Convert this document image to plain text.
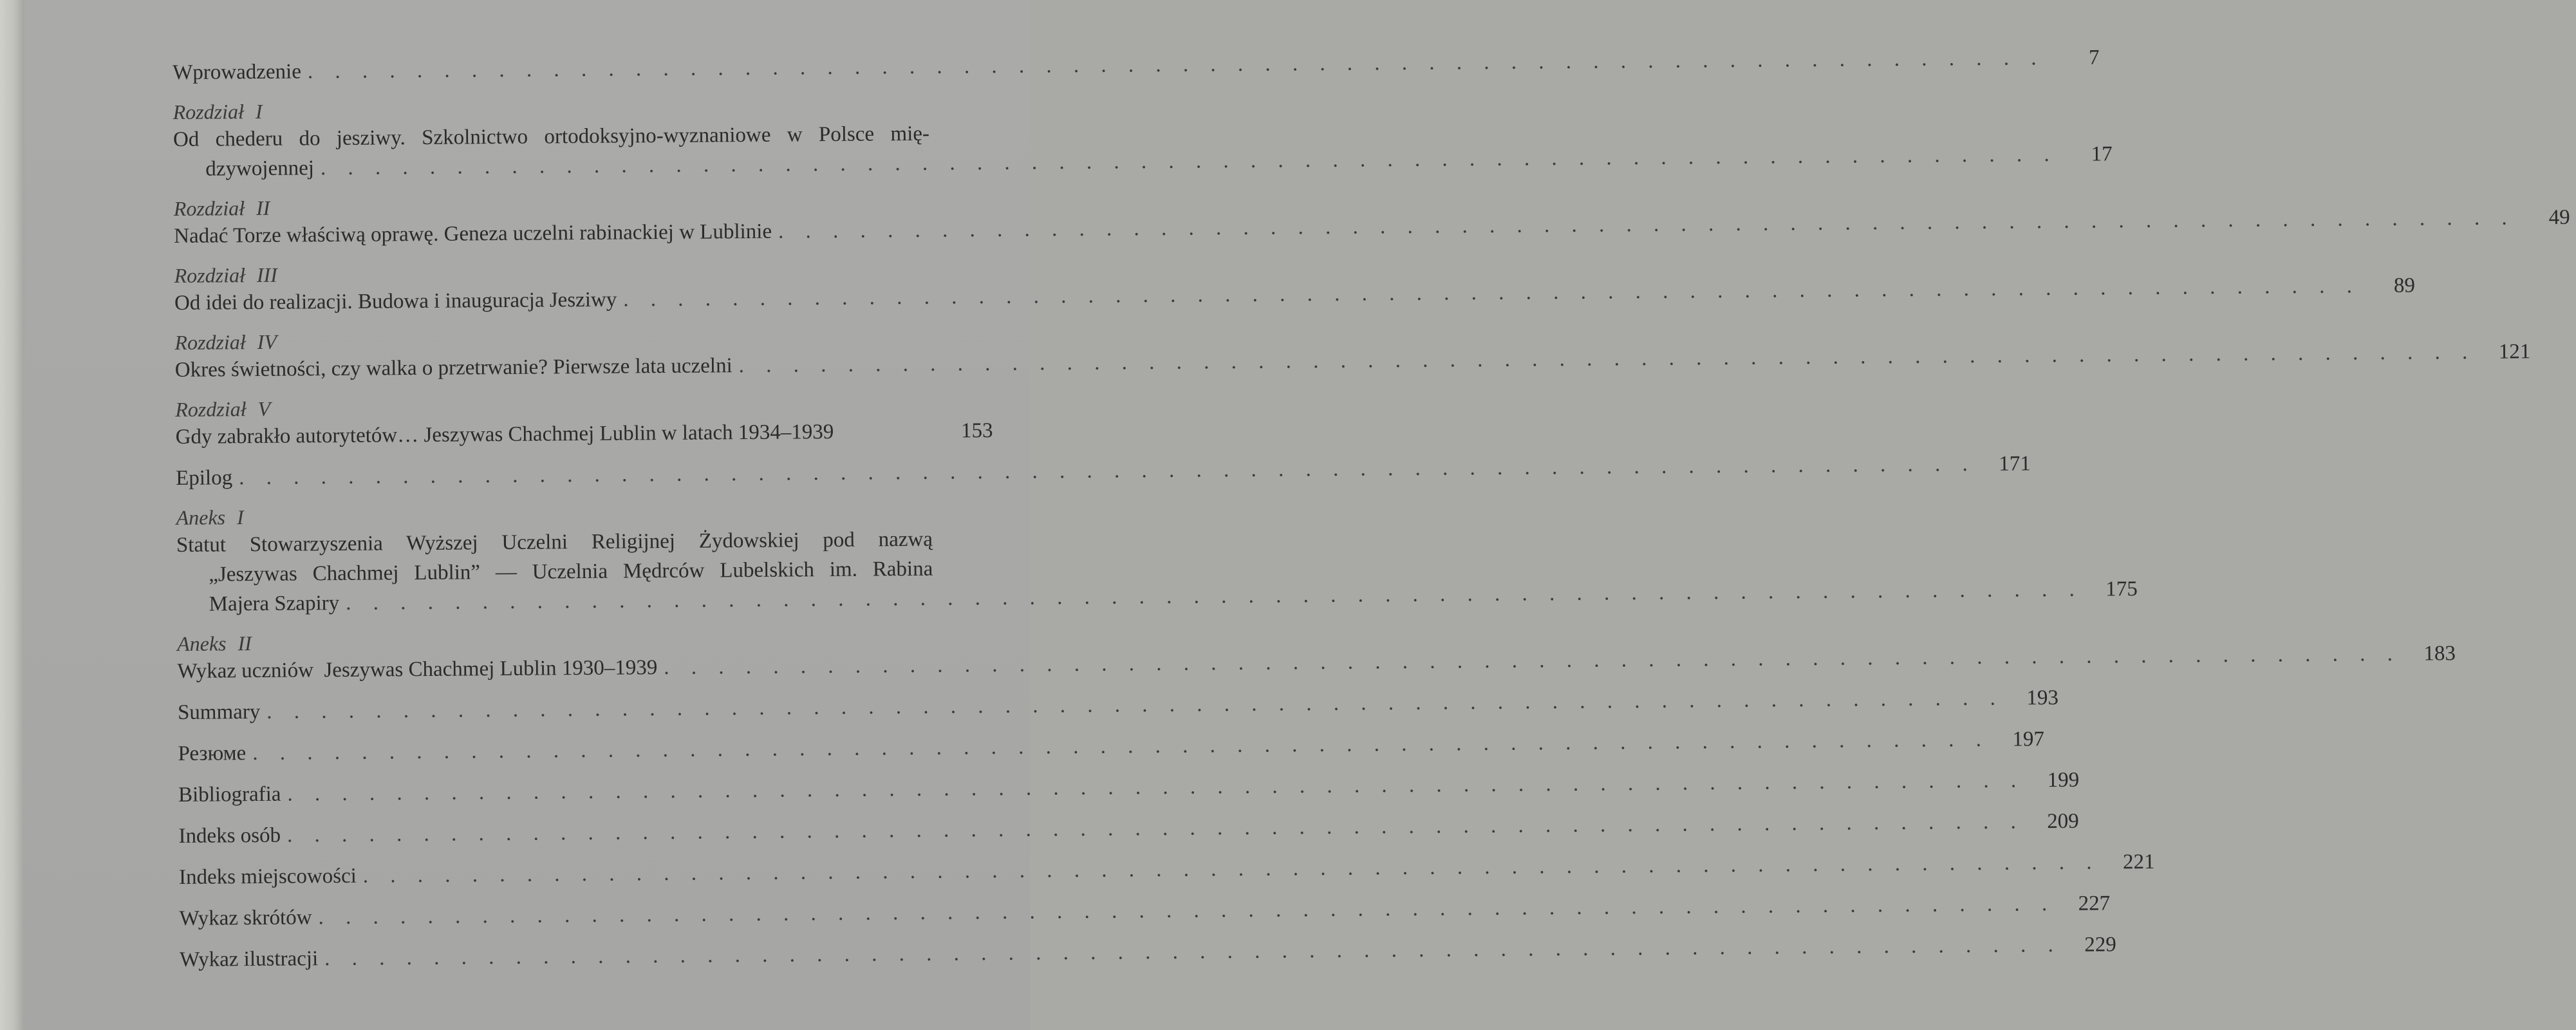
Wprowadzenie . . . . . . . . . . . . . . . . . . . . . . . . . . . . . . . . . . . . . . . . . . . . . . . . . . . . . . . . . . . . . . . .	7
Rozdział I
Od chederu do jesziwy. Szkolnictwo ortodoksyjno-wyznaniowe w Polsce mię-
dzywojennej . . . . . . . . . . . . . . . . . . . . . . . . . . . . . . . . . . . . . . . . . . . . . . . . . . . . . . . . . . . . . . . .	17
Rozdział II
Nadać Torze właściwą oprawę. Geneza uczelni rabinackiej w Lublinie . . . . . . . . . . . . . . . . . . . . . . . . . . . . . . . . . . . . . . . . . . . . . . . . . . . . . . . . . . . . . . . .	49
Rozdział III
Od idei do realizacji. Budowa i inauguracja Jesziwy . . . . . . . . . . . . . . . . . . . . . . . . . . . . . . . . . . . . . . . . . . . . . . . . . . . . . . . . . . . . . . . .	89
Rozdział IV
Okres świetności, czy walka o przetrwanie? Pierwsze lata uczelni . . . . . . . . . . . . . . . . . . . . . . . . . . . . . . . . . . . . . . . . . . . . . . . . . . . . . . . . . . . . . . . .	121
Rozdział V
Gdy zabrakło autorytetów… Jeszywas Chachmej Lublin w latach 1934–1939	153
Epilog . . . . . . . . . . . . . . . . . . . . . . . . . . . . . . . . . . . . . . . . . . . . . . . . . . . . . . . . . . . . . . . .	171
Aneks I
Statut Stowarzyszenia Wyższej Uczelni Religijnej Żydowskiej pod nazwą
„Jeszywas Chachmej Lublin” — Uczelnia Mędrców Lubelskich im. Rabina
Majera Szapiry . . . . . . . . . . . . . . . . . . . . . . . . . . . . . . . . . . . . . . . . . . . . . . . . . . . . . . . . . . . . . . . .	175
Aneks II
Wykaz uczniów  Jeszywas Chachmej Lublin 1930–1939 . . . . . . . . . . . . . . . . . . . . . . . . . . . . . . . . . . . . . . . . . . . . . . . . . . . . . . . . . . . . . . . .	183
Summary . . . . . . . . . . . . . . . . . . . . . . . . . . . . . . . . . . . . . . . . . . . . . . . . . . . . . . . . . . . . . . . .	193
Резюме . . . . . . . . . . . . . . . . . . . . . . . . . . . . . . . . . . . . . . . . . . . . . . . . . . . . . . . . . . . . . . . .	197
Bibliografia . . . . . . . . . . . . . . . . . . . . . . . . . . . . . . . . . . . . . . . . . . . . . . . . . . . . . . . . . . . . . . . .	199
Indeks osób . . . . . . . . . . . . . . . . . . . . . . . . . . . . . . . . . . . . . . . . . . . . . . . . . . . . . . . . . . . . . . . .	209
Indeks miejscowości . . . . . . . . . . . . . . . . . . . . . . . . . . . . . . . . . . . . . . . . . . . . . . . . . . . . . . . . . . . . . . . .	221
Wykaz skrótów . . . . . . . . . . . . . . . . . . . . . . . . . . . . . . . . . . . . . . . . . . . . . . . . . . . . . . . . . . . . . . . .	227
Wykaz ilustracji . . . . . . . . . . . . . . . . . . . . . . . . . . . . . . . . . . . . . . . . . . . . . . . . . . . . . . . . . . . . . . . .	229
